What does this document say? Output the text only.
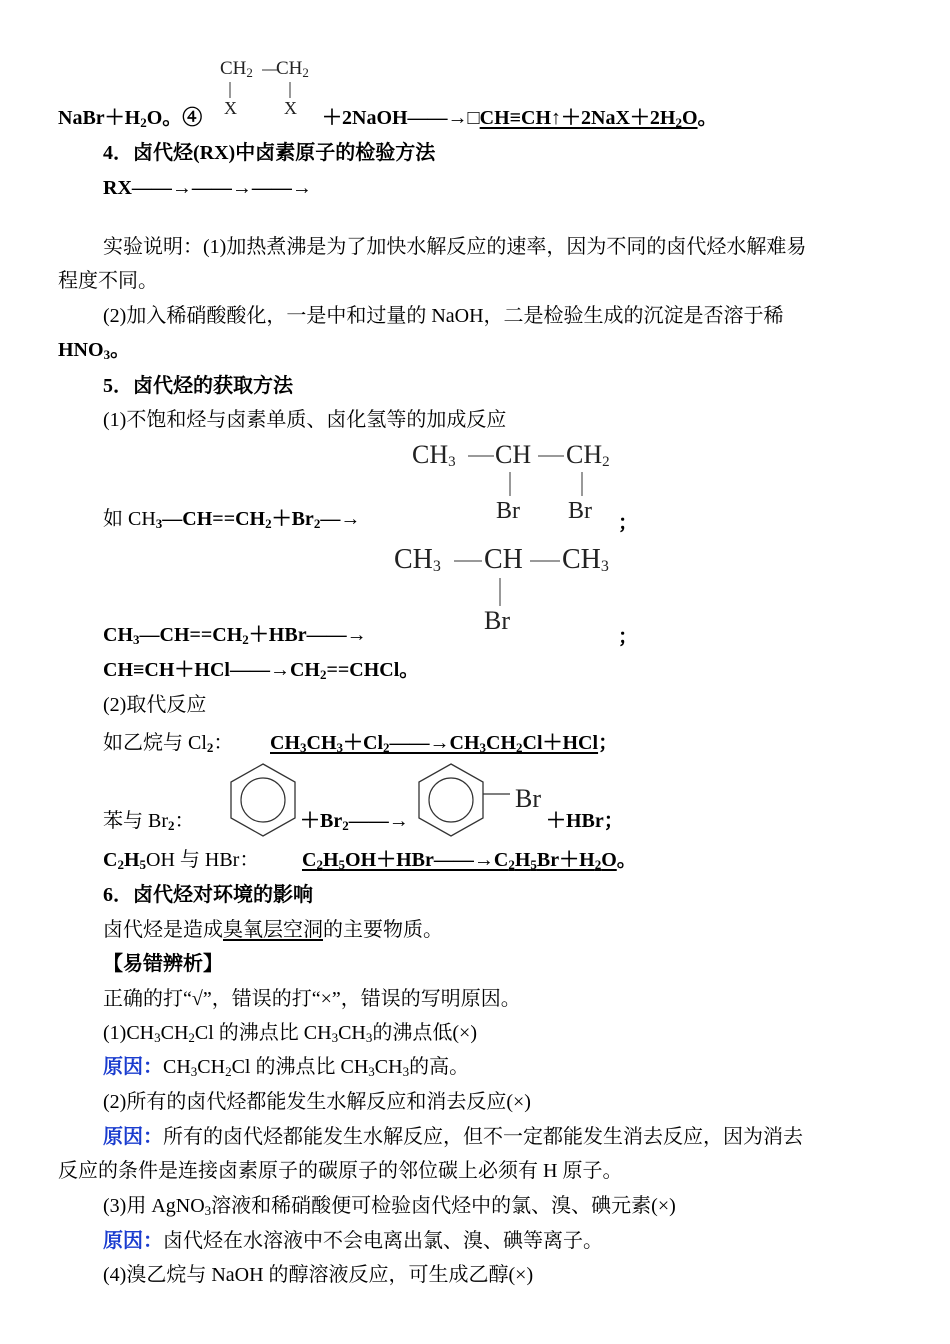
$CH_2$ $CH_2$
X	X
$NaBr+H_2O$。④	$+2NaOH——\to□CH\equiv CH↑+2NaX+2H_2O$。
4．卤代烃(RX)中卤素原子的检验方法
RX——→——→——→
实验说明：(1)加热煮沸是为了加快水解反应的速率，因为不同的卤代烃水解难易
程度不同。
(2)加入稀硝酸酸化，一是中和过量的 NaOH，二是检验生成的沉淀是否溶于稀
$HNO_3$。
5．卤代烃的获取方法
(1)不饱和烃与卤素单质、卤化氢等的加成反应
$CH_3$ CH $CH_2$
Br Br
如 $CH_3—CH==CH_2+Br_2—\to$	；
$CH_3$ CH $CH_3$
Br
$CH_3—CH==CH_2+HBr——\to$	；
$CH\equiv CH+HCl——\to CH_2==CHCl$。
(2)取代反应
如乙烷与 $Cl_2$： $CH_3CH_3+Cl_2——\to CH_3CH_2Cl+HCl$；
Br
苯与 $Br_2$：	$+Br_2——\to$	＋HBr；
$C_2H_5OH$ 与 HBr： $C_2H_5OH+HBr——\to C_2H_5Br+H_2O$。
6．卤代烃对环境的影响
卤代烃是造成臭氧层空洞的主要物质。
【易错辨析】
正确的打“√”，错误的打“×”，错误的写明原因。
$(1)CH_3CH_2Cl$ 的沸点比 $CH_3CH_3$的沸点低(×)
原因：$CH_3CH_2Cl$ 的沸点比 $CH_3CH_3$的高。
(2)所有的卤代烃都能发生水解反应和消去反应(×)
原因：所有的卤代烃都能发生水解反应，但不一定都能发生消去反应，因为消去
反应的条件是连接卤素原子的碳原子的邻位碳上必须有 H 原子。
(3)用 AgNO$_3$溶液和稀硝酸便可检验卤代烃中的氯、溴、碘元素(×)
原因：卤代烃在水溶液中不会电离出氯、溴、碘等离子。
(4)溴乙烷与 NaOH 的醇溶液反应，可生成乙醇(×)
